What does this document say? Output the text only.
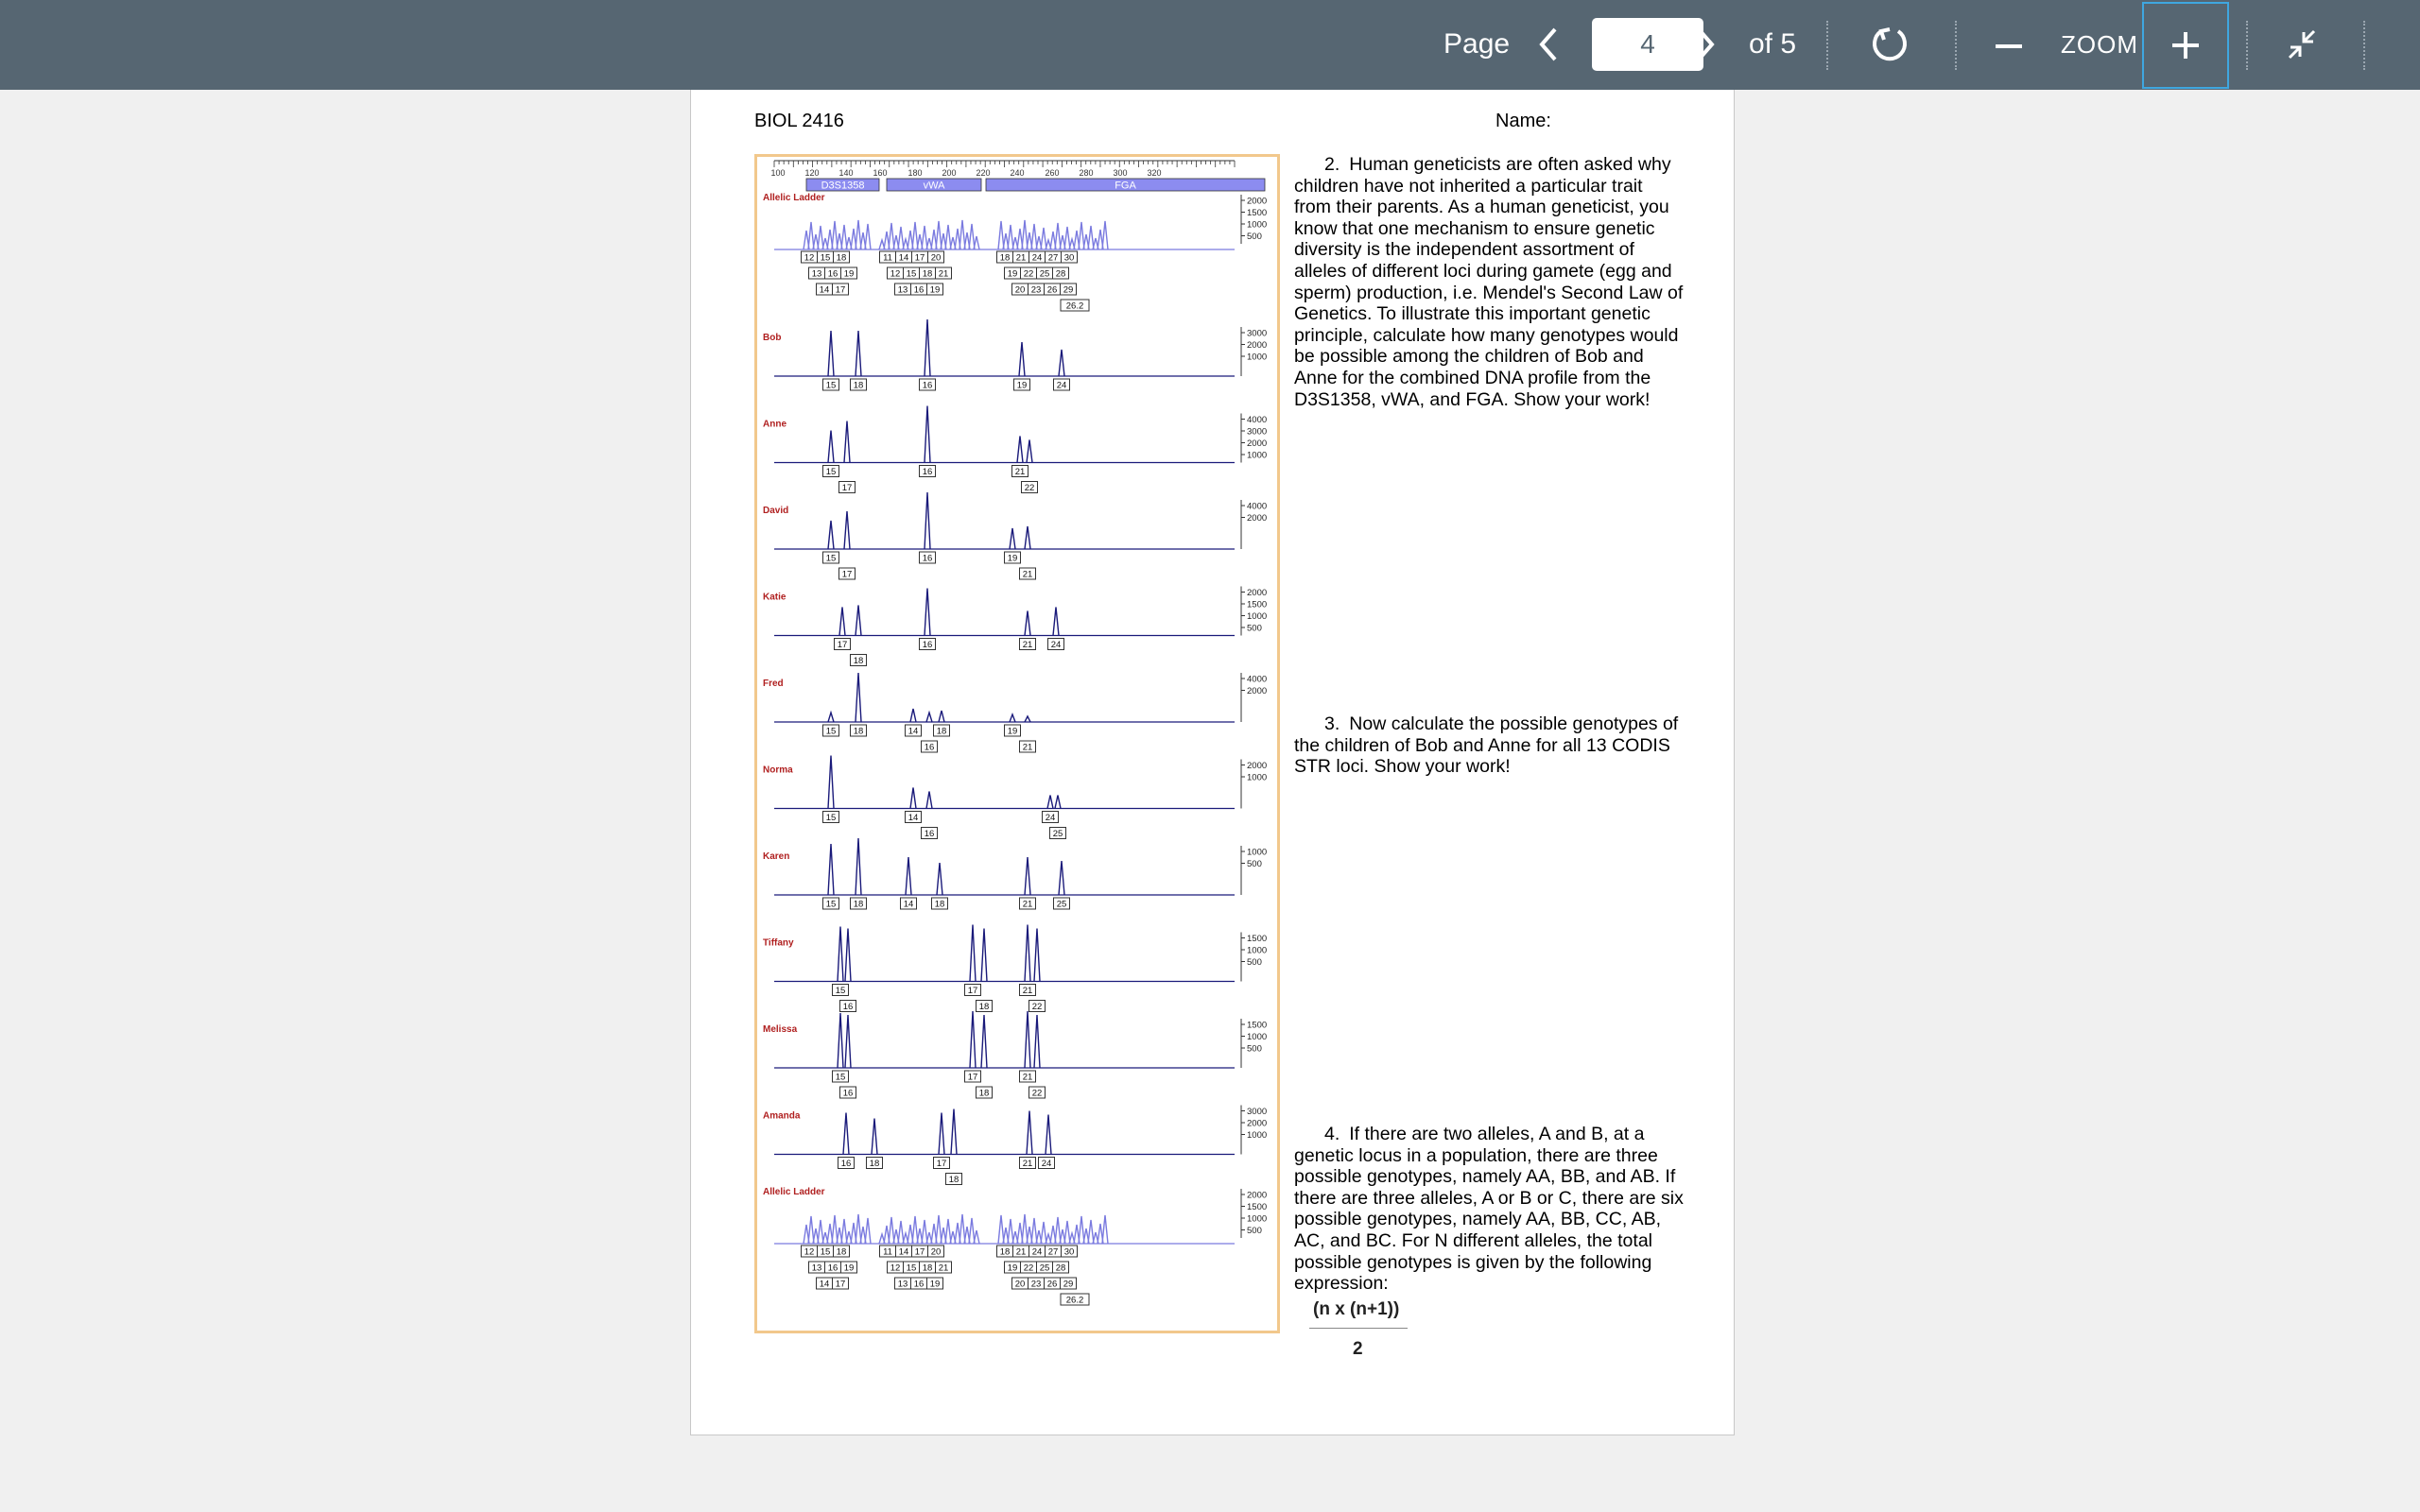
Page	4	of 5	ZOOM
BIOL 2416	Name:
100 120 140 160 180 200 220 240 260 280 300 320
D3S1358	vWA	FGA
Allelic Ladder	2000
1500
1000
500
12 15 18
13 16 19
14 17
11 14 17 20
12 15 18 21
13 16 19
18 21 24 27 30
19 22 25 28
20 23 26 29
26.2
Bob	3000
2000
1000
15 18	16	19	24
Anne	4000
3000
2000
1000
15	16	21
17	22
David	4000
2000
15	16	19
17	21
Katie	2000
1500
1000
500
17	16	21 24
18
Fred	4000
2000
15 18	14 18	19
16	21
Norma	2000
1000
15	14	24
16	25
Karen	1000
500
15 18	14 18	21	25
Tiffany	1500
1000
500
15	17	21
16	18	22
Melissa	1500
1000
500
15	17	21
16	18	22
Amanda	3000
2000
1000
16 18	17	21 24
18
Allelic Ladder	2000
1500
1000
500
12 15 18
13 16 19
14 17
11 14 17 20
12 15 18 21
13 16 19
18 21 24 27 30
19 22 25 28
20 23 26 29
26.2
2. Human geneticists are often asked why children have not inherited a particular trait from their parents. As a human geneticist, you know that one mechanism to ensure genetic diversity is the independent assortment of alleles of different loci during gamete (egg and sperm) production, i.e. Mendel's Second Law of Genetics. To illustrate this important genetic principle, calculate how many genotypes would be possible among the children of Bob and Anne for the combined DNA profile from the D3S1358, vWA, and FGA. Show your work!
3. Now calculate the possible genotypes of the children of Bob and Anne for all 13 CODIS STR loci. Show your work!
4. If there are two alleles, A and B, at a genetic locus in a population, there are three possible genotypes, namely AA, BB, and AB. If there are three alleles, A or B or C, there are six possible genotypes, namely AA, BB, CC, AB, AC, and BC. For N different alleles, the total possible genotypes is given by the following expression:
(n x (n+1))
2
